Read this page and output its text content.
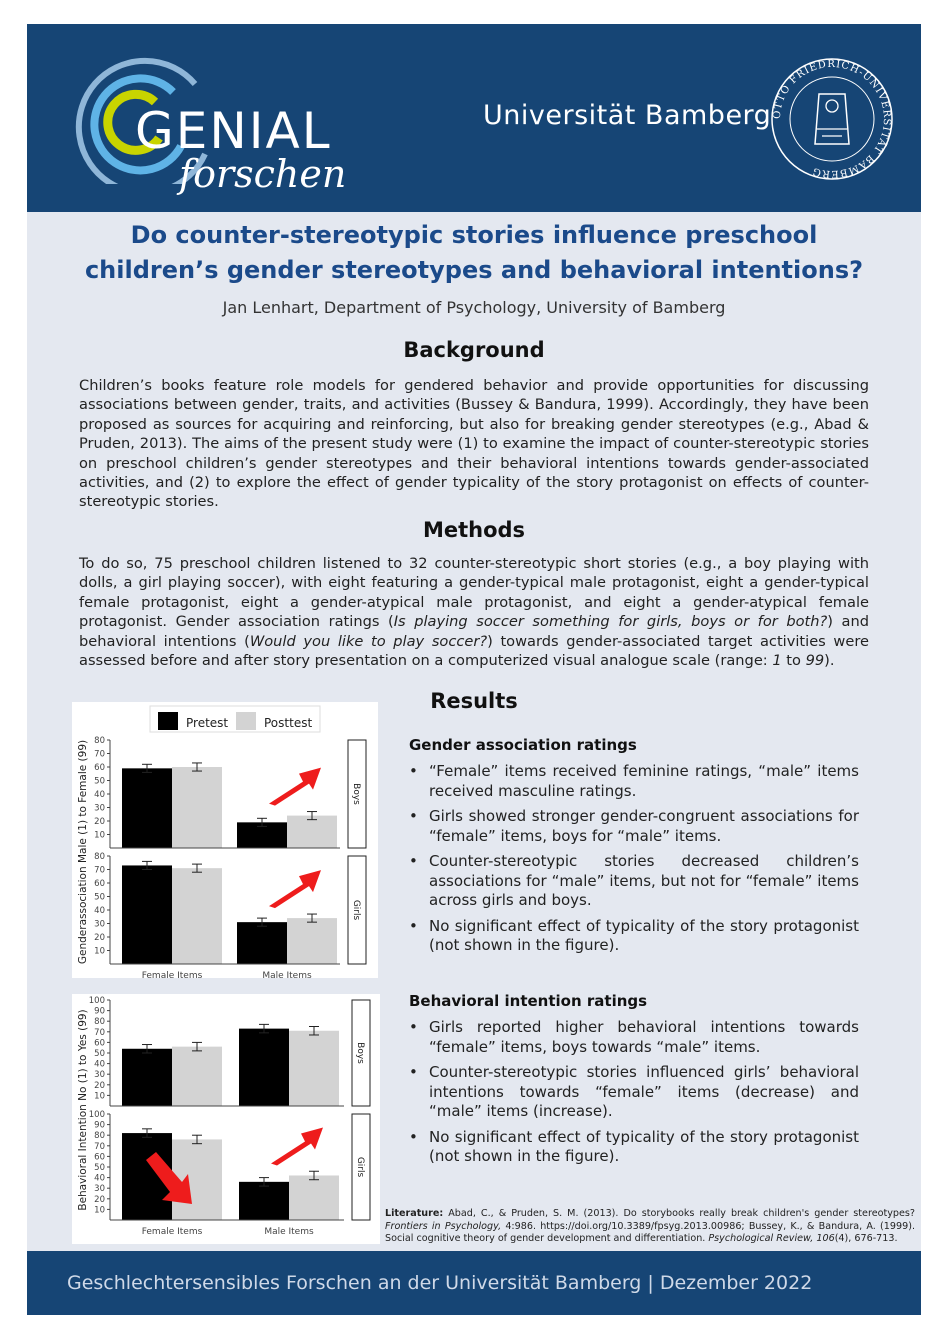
GENIAL
forschen
Universität Bamberg OTTO FRIEDRICH-UNIVERSITÄT BAMBERG
Do counter-stereotypic stories influence preschool
children’s gender stereotypes and behavioral intentions?
Jan Lenhart, Department of Psychology, University of Bamberg
Background
Children’s books feature role models for gendered behavior and provide opportunities for discussing associations between gender, traits, and activities (Bussey & Bandura, 1999). Accordingly, they have been proposed as sources for acquiring and reinforcing, but also for breaking gender stereotypes (e.g., Abad & Pruden, 2013). The aims of the present study were (1) to examine the impact of counter-stereotypic stories on preschool children’s gender stereotypes and their behavioral intentions towards gender-associated activities, and (2) to explore the effect of gender typicality of the story protagonist on effects of counter-stereotypic stories.
Methods
To do so, 75 preschool children listened to 32 counter-stereotypic short stories (e.g., a boy playing with dolls, a girl playing soccer), with eight featuring a gender-typical male protagonist, eight a gender-typical female protagonist, eight a gender-atypical male protagonist, and eight a gender-atypical female protagonist. Gender association ratings (Is playing soccer something for girls, boys or for both?) and behavioral intentions (Would you like to play soccer?) towards gender-associated target activities were assessed before and after story presentation on a computerized visual analogue scale (range: 1 to 99).
Results
Gender association ratings
• “Female” items received feminine ratings, “male” items received masculine ratings.
• Girls showed stronger gender-congruent associations for “female” items, boys for “male” items.
• Counter-stereotypic stories decreased children’s associations for “male” items, but not for “female” items across girls and boys.
• No significant effect of typicality of the story protagonist (not shown in the figure).
Behavioral intention ratings
• Girls reported higher behavioral intentions towards “female” items, boys towards “male” items.
• Counter-stereotypic stories influenced girls’ behavioral intentions towards “female” items (decrease) and “male” items (increase).
• No significant effect of typicality of the story protagonist (not shown in the figure).
Pretest	Posttest
Genderassociation Male (1) to Female (99) 10
20
30
40
50
60
70
80
Boys
10
20
30
40
50
60
70
80
Girls
Female Items	Male Items
Behavioral Intention No (1) to Yes (99) 10
20
30
40
50
60
70
80
90
100
Boys
10
20
30
40
50
60
70
80
90
100
Girls
Female Items	Male Items
Literature: Abad, C., & Pruden, S. M. (2013). Do storybooks really break children's gender stereotypes? Frontiers in Psychology, 4:986. https://doi.org/10.3389/fpsyg.2013.00986; Bussey, K., & Bandura, A. (1999). Social cognitive theory of gender development and differentiation. Psychological Review, 106(4), 676-713.
Geschlechtersensibles Forschen an der Universität Bamberg | Dezember 2022
